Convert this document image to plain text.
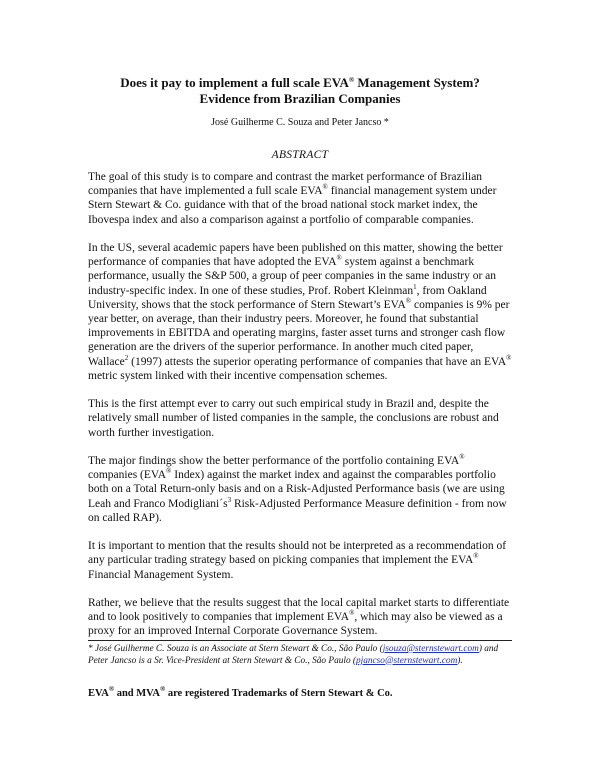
Does it pay to implement a full scale EVA® Management System?
Evidence from Brazilian Companies
José Guilherme C. Souza and Peter Jancso *
ABSTRACT

The goal of this study is to compare and contrast the market performance of Brazilian companies that have implemented a full scale EVA® financial management system under Stern Stewart & Co. guidance with that of the broad national stock market index, the Ibovespa index and also a comparison against a portfolio of comparable companies.

In the US, several academic papers have been published on this matter, showing the better performance of companies that have adopted the EVA® system against a benchmark performance, usually the S&P 500, a group of peer companies in the same industry or an industry-specific index. In one of these studies, Prof. Robert Kleinman$^1$, from Oakland University, shows that the stock performance of Stern Stewart’s EVA® companies is 9% per year better, on average, than their industry peers. Moreover, he found that substantial improvements in EBITDA and operating margins, faster asset turns and stronger cash flow generation are the drivers of the superior performance. In another much cited paper, Wallace$^2$ (1997) attests the superior operating performance of companies that have an EVA® metric system linked with their incentive compensation schemes.

This is the first attempt ever to carry out such empirical study in Brazil and, despite the relatively small number of listed companies in the sample, the conclusions are robust and worth further investigation.

The major findings show the better performance of the portfolio containing EVA® companies (EVA® Index) against the market index and against the comparables portfolio both on a Total Return-only basis and on a Risk-Adjusted Performance basis (we are using Leah and Franco $Modigliani´s^3$ Risk-Adjusted Performance Measure definition - from now on called RAP).

It is important to mention that the results should not be interpreted as a recommendation of any particular trading strategy based on picking companies that implement the EVA® Financial Management System.

Rather, we believe that the results suggest that the local capital market starts to differentiate and to look positively to companies that implement EVA®, which may also be viewed as a proxy for an improved Internal Corporate Governance System.

* José Guilherme C. Souza is an Associate at Stern Stewart & Co., São Paulo (jsouza@sternstewart.com) and Peter Jancso is a Sr. Vice-President at Stern Stewart & Co., São Paulo (pjancso@sternstewart.com).
EVA® and MVA® are registered Trademarks of Stern Stewart & Co.
